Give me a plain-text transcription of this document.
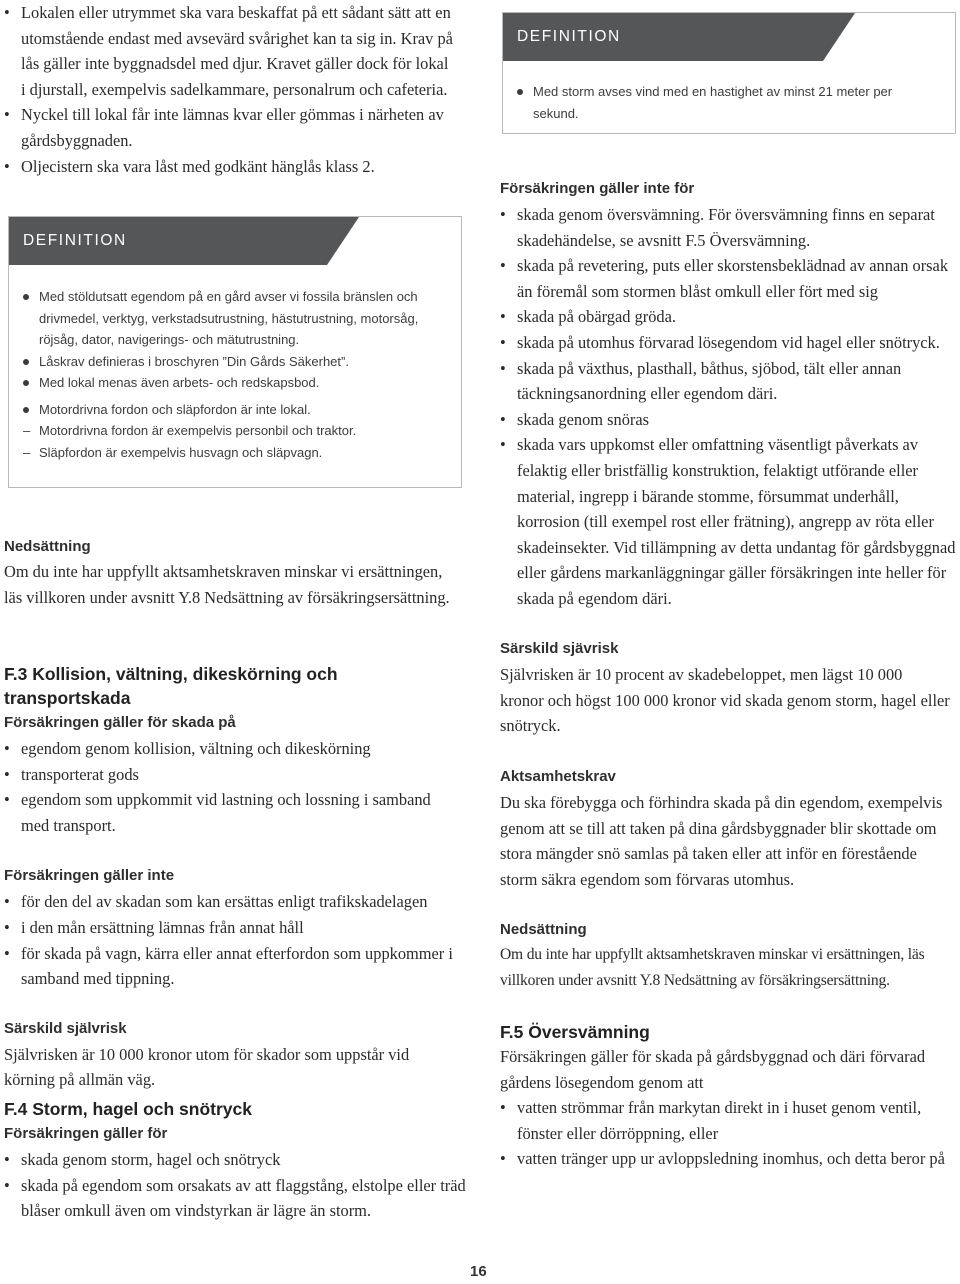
• Lokalen eller utrymmet ska vara beskaffat på ett sådant sätt att en utomstående endast med avsevärd svårighet kan ta sig in. Krav på lås gäller inte byggnadsdel med djur. Kravet gäller dock för lokal i djurstall, exempelvis sadelkammare, personalrum och cafeteria.
• Nyckel till lokal får inte lämnas kvar eller gömmas i närheten av gårdsbyggnaden.
• Oljecistern ska vara låst med godkänt hänglås klass 2.
DEFINITION
Med stöldutsatt egendom på en gård avser vi fossila bränslen och drivmedel, verktyg, verkstadsutrustning, hästutrustning, motorsåg, röjsåg, dator, navigerings- och mätutrustning.
Låskrav definieras i broschyren ”Din Gårds Säkerhet”.
Med lokal menas även arbets- och redskapsbod.
Motordrivna fordon och släpfordon är inte lokal.
– Motordrivna fordon är exempelvis personbil och traktor.
– Släpfordon är exempelvis husvagn och släpvagn.
Nedsättning

Om du inte har uppfyllt aktsamhetskraven minskar vi ersättningen, läs villkoren under avsnitt Y.8 Nedsättning av försäkringsersättning.

F.3 Kollision, vältning, dikeskörning och transportskada
Försäkringen gäller för skada på
• egendom genom kollision, vältning och dikeskörning
• transporterat gods
• egendom som uppkommit vid lastning och lossning i samband med transport.
Försäkringen gäller inte
• för den del av skadan som kan ersättas enligt trafikskadelagen
• i den mån ersättning lämnas från annat håll
• för skada på vagn, kärra eller annat efterfordon som uppkommer i samband med tippning.
Särskild självrisk

Självrisken är 10 000 kronor utom för skador som uppstår vid körning på allmän väg.

F.4 Storm, hagel och snötryck
Försäkringen gäller för
• skada genom storm, hagel och snötryck
• skada på egendom som orsakats av att flaggstång, elstolpe eller träd blåser omkull även om vindstyrkan är lägre än storm.
DEFINITION
Med storm avses vind med en hastighet av minst 21 meter per sekund.
Försäkringen gäller inte för
• skada genom översvämning. För översvämning finns en separat skadehändelse, se avsnitt F.5 Översvämning.
• skada på revetering, puts eller skorstensbeklädnad av annan orsak än föremål som stormen blåst omkull eller fört med sig
• skada på obärgad gröda.
• skada på utomhus förvarad lösegendom vid hagel eller snötryck.
• skada på växthus, plasthall, båthus, sjöbod, tält eller annan täckningsanordning eller egendom däri.
• skada genom snöras
• skada vars uppkomst eller omfattning väsentligt påverkats av felaktig eller bristfällig konstruktion, felaktigt utförande eller material, ingrepp i bärande stomme, försummat underhåll, korrosion (till exempel rost eller frätning), angrepp av röta eller skadeinsekter. Vid tillämpning av detta undantag för gårdsbyggnad eller gårdens markanläggningar gäller försäkringen inte heller för skada på egendom däri.
Särskild sjävrisk

Självrisken är 10 procent av skadebeloppet, men lägst 10 000 kronor och högst 100 000 kronor vid skada genom storm, hagel eller snötryck.

Aktsamhetskrav

Du ska förebygga och förhindra skada på din egendom, exempelvis genom att se till att taken på dina gårdsbyggnader blir skottade om stora mängder snö samlas på taken eller att inför en förestående storm säkra egendom som förvaras utomhus.

Nedsättning

Om du inte har uppfyllt aktsamhetskraven minskar vi ersättningen, läs villkoren under avsnitt Y.8 Nedsättning av försäkringsersättning.

F.5 Översvämning

Försäkringen gäller för skada på gårdsbyggnad och däri förvarad gårdens lösegendom genom att

• vatten strömmar från markytan direkt in i huset genom ventil, fönster eller dörröppning, eller
• vatten tränger upp ur avloppsledning inomhus, och detta beror på
16
